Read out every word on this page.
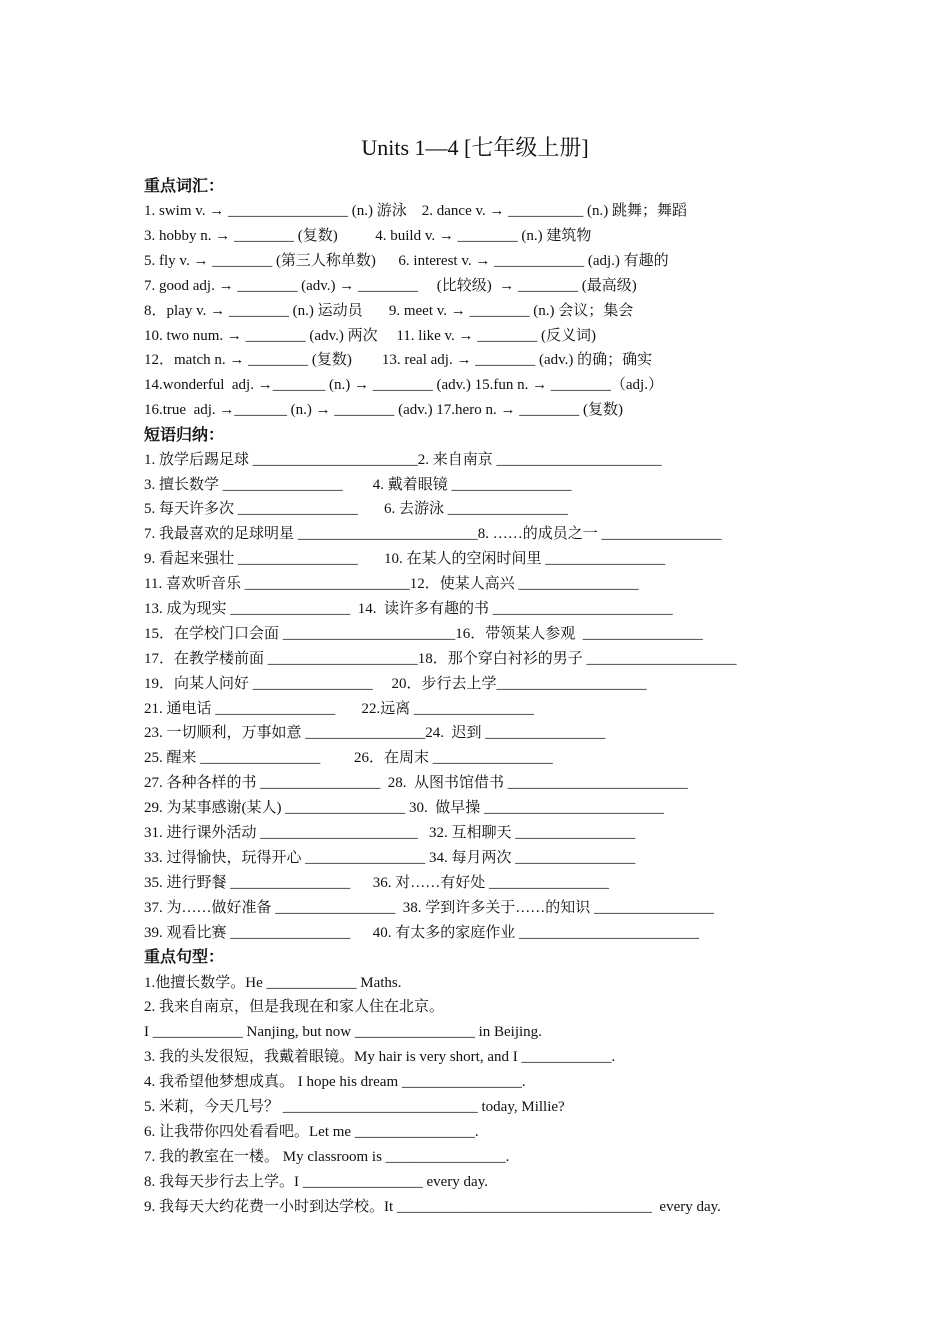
Units 1—4 [七年级上册]
重点词汇：
1. swim v. → ________________ (n.) 游泳    2. dance v. → __________ (n.) 跳舞；舞蹈
3. hobby n. → ________ (复数)          4. build v. → ________ (n.) 建筑物
5. fly v. → ________ (第三人称单数)      6. interest v. → ____________ (adj.) 有趣的
7. good adj. → ________ (adv.) → ________     (比较级)  → ________ (最高级)
8．play v. → ________ (n.) 运动员       9. meet v. → ________ (n.) 会议；集会
10. two num. → ________ (adv.) 两次     11. like v. → ________ (反义词)
12．match n. → ________ (复数)        13. real adj. → ________ (adv.) 的确；确实
14.wonderful  adj. →_______ (n.) → ________ (adv.) 15.fun n. → ________（adj.）
16.true  adj. →_______ (n.) → ________ (adv.) 17.hero n. → ________ (复数)
短语归纳：
1. 放学后踢足球 ______________________2. 来自南京 ______________________
3. 擅长数学 ________________        4. 戴着眼镜 ________________
5. 每天许多次 ________________       6. 去游泳 ________________
7. 我最喜欢的足球明星 ________________________8. ……的成员之一 ________________
9. 看起来强壮 ________________       10. 在某人的空闲时间里 ________________
11. 喜欢听音乐 ______________________12．使某人高兴 ________________
13. 成为现实 ________________  14.  读许多有趣的书 ________________________
15．在学校门口会面 _______________________16．带领某人参观  ________________
17．在教学楼前面 ____________________18．那个穿白衬衫的男子 ____________________
19．向某人问好 ________________     20．步行去上学____________________
21. 通电话 ________________       22.远离 ________________
23. 一切顺利，万事如意 ________________24.  迟到 ________________
25. 醒来 ________________         26．在周末 ________________
27. 各种各样的书 ________________  28.  从图书馆借书 ________________________
29. 为某事感谢(某人) ________________ 30.  做早操 ________________________
31. 进行课外活动 _____________________   32. 互相聊天 ________________
33. 过得愉快，玩得开心 ________________ 34. 每月两次 ________________
35. 进行野餐 ________________      36. 对……有好处 ________________
37. 为……做好准备 ________________  38. 学到许多关于……的知识 ________________
39. 观看比赛 ________________      40. 有太多的家庭作业 ________________________
重点句型：
1.他擅长数学。He ____________ Maths.
2. 我来自南京，但是我现在和家人住在北京。
I ____________ Nanjing, but now ________________ in Beijing.
3. 我的头发很短，我戴着眼镜。My hair is very short, and I ____________.
4. 我希望他梦想成真。 I hope his dream ________________.
5. 米莉，今天几号？ __________________________ today, Millie?
6. 让我带你四处看看吧。Let me ________________.
7. 我的教室在一楼。 My classroom is ________________.
8. 我每天步行去上学。I ________________ every day.
9. 我每天大约花费一小时到达学校。It __________________________________  every day.
